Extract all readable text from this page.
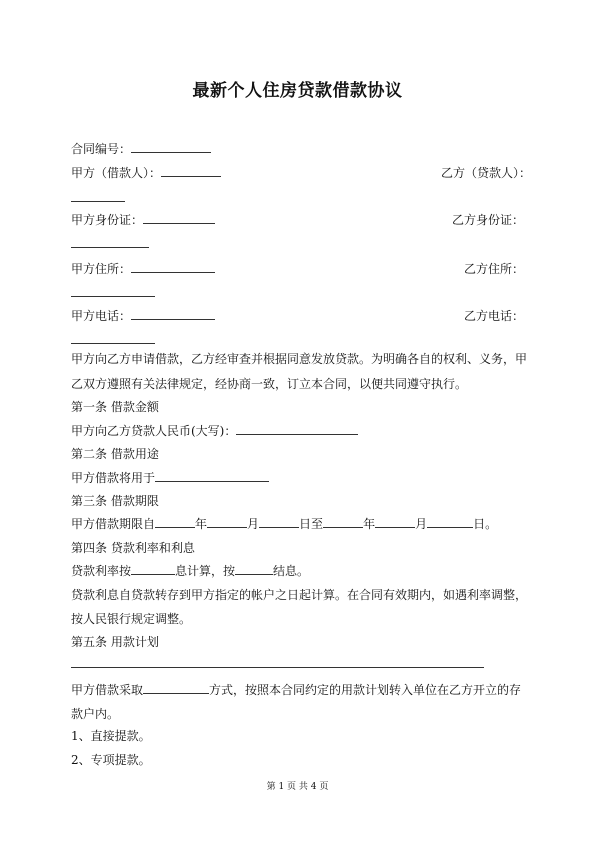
最新个人住房贷款借款协议
合同编号：
甲方（借款人）：	乙方（贷款人）：
甲方身份证：	乙方身份证：
甲方住所：	乙方住所：
甲方电话：	乙方电话：
甲方向乙方申请借款，乙方经审查并根据同意发放贷款。为明确各自的权利、义务，甲
乙双方遵照有关法律规定，经协商一致，订立本合同，以便共同遵守执行。
第一条 借款金额
甲方向乙方贷款人民币(大写)：
第二条 借款用途
甲方借款将用于
第三条 借款期限
甲方借款期限自	年	月	日至	年	月	日。
第四条 贷款利率和利息
贷款利率按	息计算，按	结息。
贷款利息自贷款转存到甲方指定的帐户之日起计算。在合同有效期内，如遇利率调整，
按人民银行规定调整。
第五条 用款计划
甲方借款采取	方式，按照本合同约定的用款计划转入单位在乙方开立的存
款户内。
1、直接提款。
2、专项提款。
第 1 页 共 4 页
